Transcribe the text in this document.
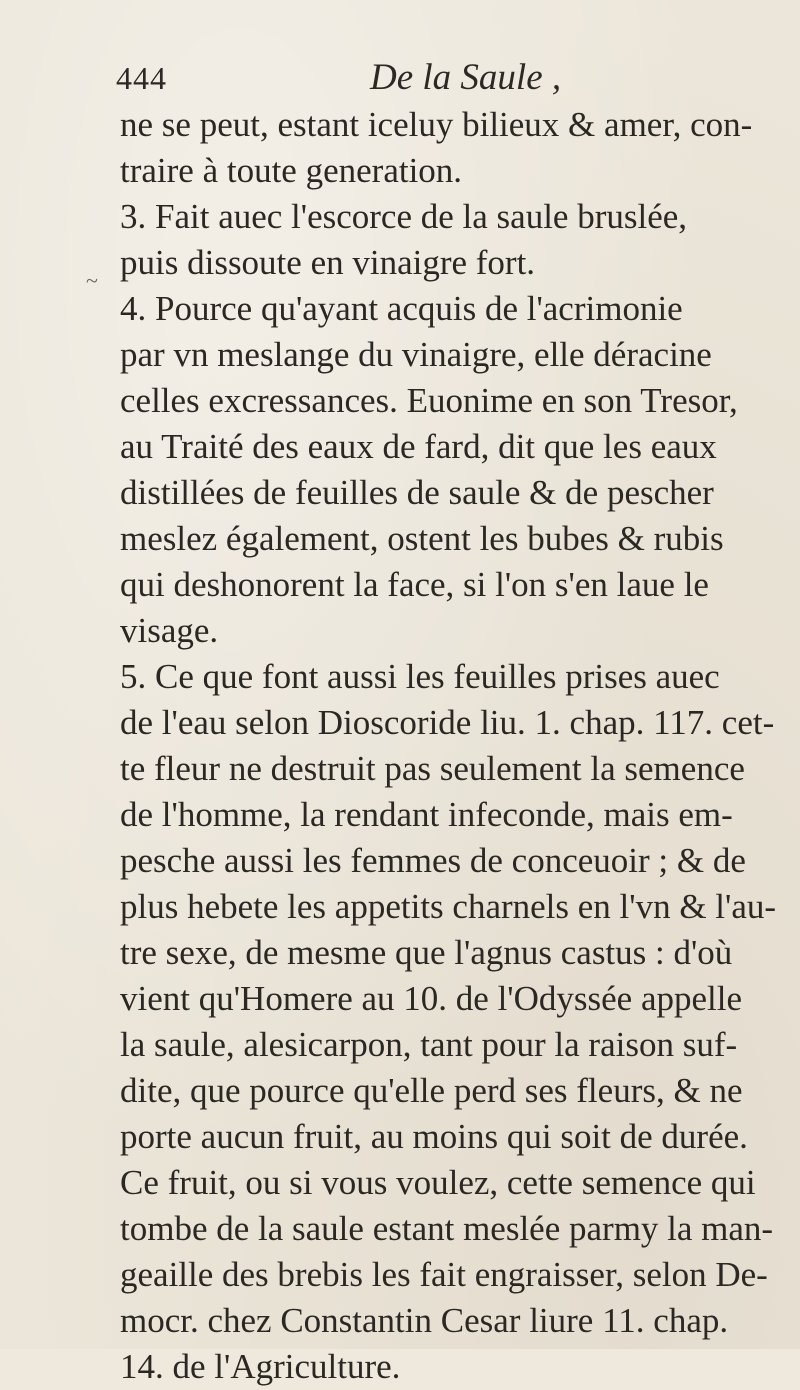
444	De la Saule ,
~
ne se peut, estant iceluy bilieux & amer, con-
traire à toute generation.
3. Fait auec l'escorce de la saule bruslée,
puis dissoute en vinaigre fort.
4. Pource qu'ayant acquis de l'acrimonie
par vn meslange du vinaigre, elle déracine
celles excressances. Euonime en son Tresor,
au Traité des eaux de fard, dit que les eaux
distillées de feuilles de saule & de pescher
meslez également, ostent les bubes & rubis
qui deshonorent la face, si l'on s'en laue le
visage.
5. Ce que font aussi les feuilles prises auec
de l'eau selon Dioscoride liu. 1. chap. 117. cet-
te fleur ne destruit pas seulement la semence
de l'homme, la rendant infeconde, mais em-
pesche aussi les femmes de conceuoir ; & de
plus hebete les appetits charnels en l'vn & l'au-
tre sexe, de mesme que l'agnus castus : d'où
vient qu'Homere au 10. de l'Odyssée appelle
la saule, alesicarpon, tant pour la raison suf-
dite, que pource qu'elle perd ses fleurs, & ne
porte aucun fruit, au moins qui soit de durée.
Ce fruit, ou si vous voulez, cette semence qui
tombe de la saule estant meslée parmy la man-
geaille des brebis les fait engraisser, selon De-
mocr. chez Constantin Cesar liure 11. chap.
14. de l'Agriculture.
